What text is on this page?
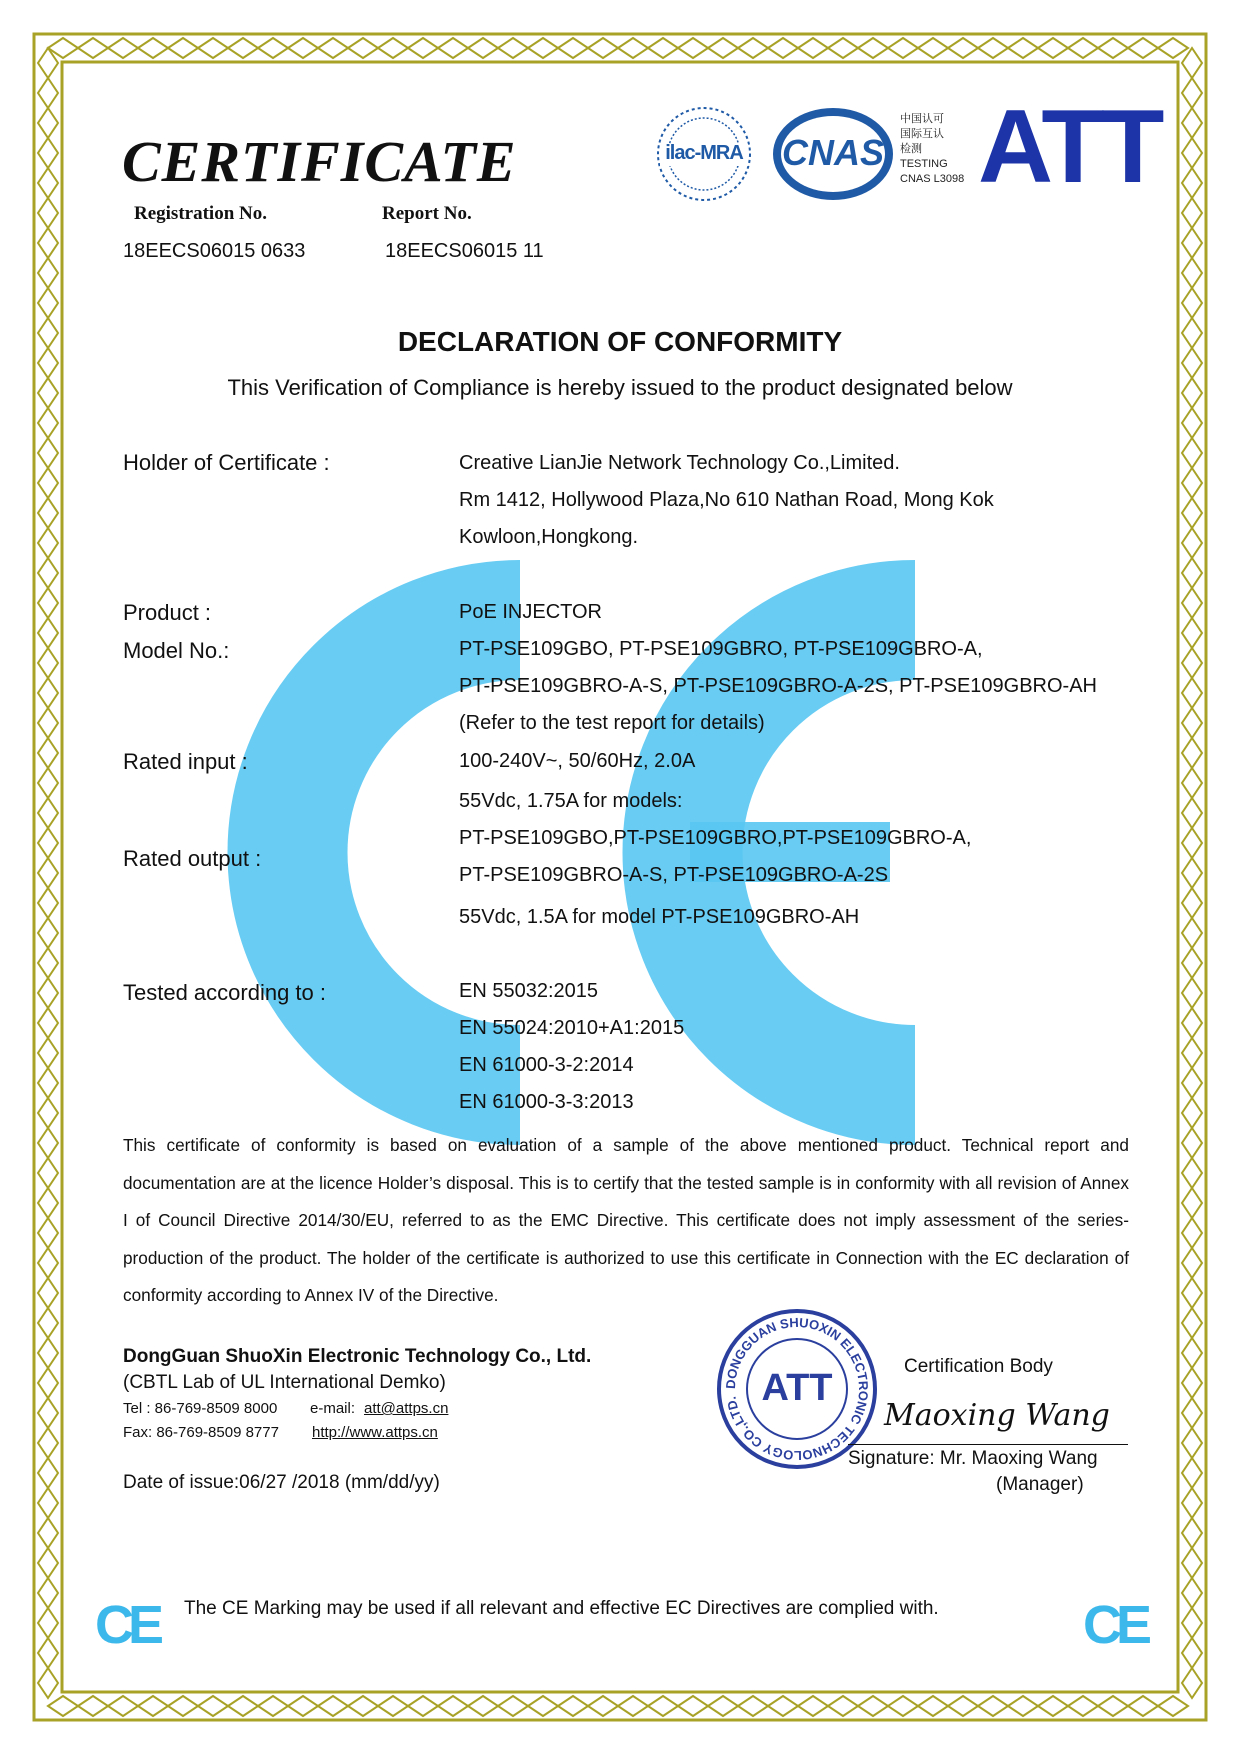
CERTIFICATE
Registration No.
18EECS06015 0633
Report No.
18EECS06015 11
ilac-MRA	CNAS
中国认可
国际互认
检测
TESTING
CNAS L3098 ATT
DECLARATION OF CONFORMITY
This Verification of Compliance is hereby issued to the product designated below
Holder of Certificate :	Creative LianJie Network Technology Co.,Limited.
Rm 1412, Hollywood Plaza,No 610 Nathan Road, Mong Kok
Kowloon,Hongkong.
Product :	PoE INJECTOR
Model No.:	PT-PSE109GBO, PT-PSE109GBRO, PT-PSE109GBRO-A,
PT-PSE109GBRO-A-S, PT-PSE109GBRO-A-2S, PT-PSE109GBRO-AH
(Refer to the test report for details)
Rated input :	100-240V~, 50/60Hz, 2.0A
Rated output :
55Vdc, 1.75A for models:
PT-PSE109GBO,PT-PSE109GBRO,PT-PSE109GBRO-A,
PT-PSE109GBRO-A-S, PT-PSE109GBRO-A-2S
55Vdc, 1.5A for model PT-PSE109GBRO-AH
Tested according to :	EN 55032:2015
EN 55024:2010+A1:2015
EN 61000-3-2:2014
EN 61000-3-3:2013
This certificate of conformity is based on evaluation of a sample of the above mentioned product. Technical report and documentation are at the licence Holder’s disposal. This is to certify that the tested sample is in conformity with all revision of Annex I of Council Directive 2014/30/EU, referred to as the EMC Directive. This certificate does not imply assessment of the series-production of the product. The holder of the certificate is authorized to use this certificate in Connection with the EC declaration of conformity according to Annex IV of the Directive.
DongGuan ShuoXin Electronic Technology Co., Ltd.
(CBTL Lab of UL International Demko)
Tel : 86-769-8509 8000 e-mail: att@attps.cn
Fax: 86-769-8509 8777 http://www.attps.cn
Date of issue:06/27 /2018 (mm/dd/yy)
DONGGUAN SHUOXIN ELECTRONIC TECHNOLOGY CO.,LTD. ATT
Certification Body
Maoxing Wang
Signature: Mr. Maoxing Wang
(Manager)
CE The CE Marking may be used if all relevant and effective EC Directives are complied with.	CE
